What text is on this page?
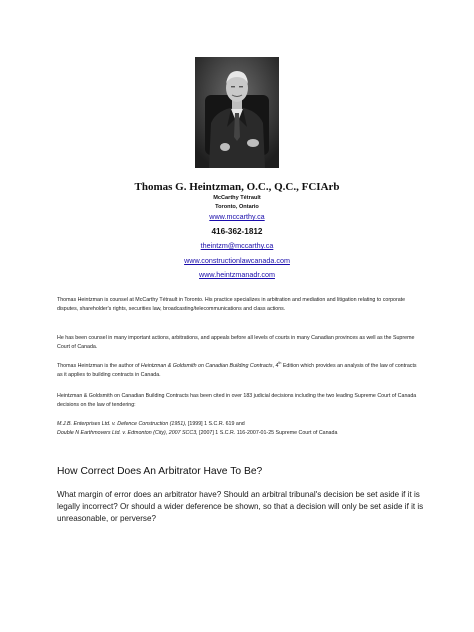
Thomas G. Heintzman, O.C., Q.C., FCIArb
McCarthy Tétrault
Toronto, Ontario
www.mccarthy.ca
416-362-1812
theintzm@mccarthy.ca
www.constructionlawcanada.com
www.heintzmanadr.com
Thomas Heintzman is counsel at McCarthy Tétrault in Toronto. His practice specializes in arbitration and mediation and litigation relating to corporate disputes, shareholder's rights, securities law, broadcasting/telecommunications and class actions.
He has been counsel in many important actions, arbitrations, and appeals before all levels of courts in many Canadian provinces as well as the Supreme Court of Canada.
Thomas Heintzman is the author of Heintzman & Goldsmith on Canadian Building Contracts, 4th Edition which provides an analysis of the law of contracts as it applies to building contracts in Canada.
Heintzman & Goldsmith on Canadian Building Contracts has been cited in over 183 judicial decisions including the two leading Supreme Court of Canada decisions on the law of tendering:
M.J.B. Enterprises Ltd. v. Defence Construction (1951), [1999] 1 S.C.R. 619 and
Double N Earthmovers Ltd. v. Edmonton (City), 2007 SCC3, [2007] 1 S.C.R. 116-2007-01-25 Supreme Court of Canada
How Correct Does An Arbitrator Have To Be?
What margin of error does an arbitrator have? Should an arbitral tribunal's decision be set aside if it is legally incorrect? Or should a wider deference be shown, so that a decision will only be set aside if it is unreasonable, or perverse?
